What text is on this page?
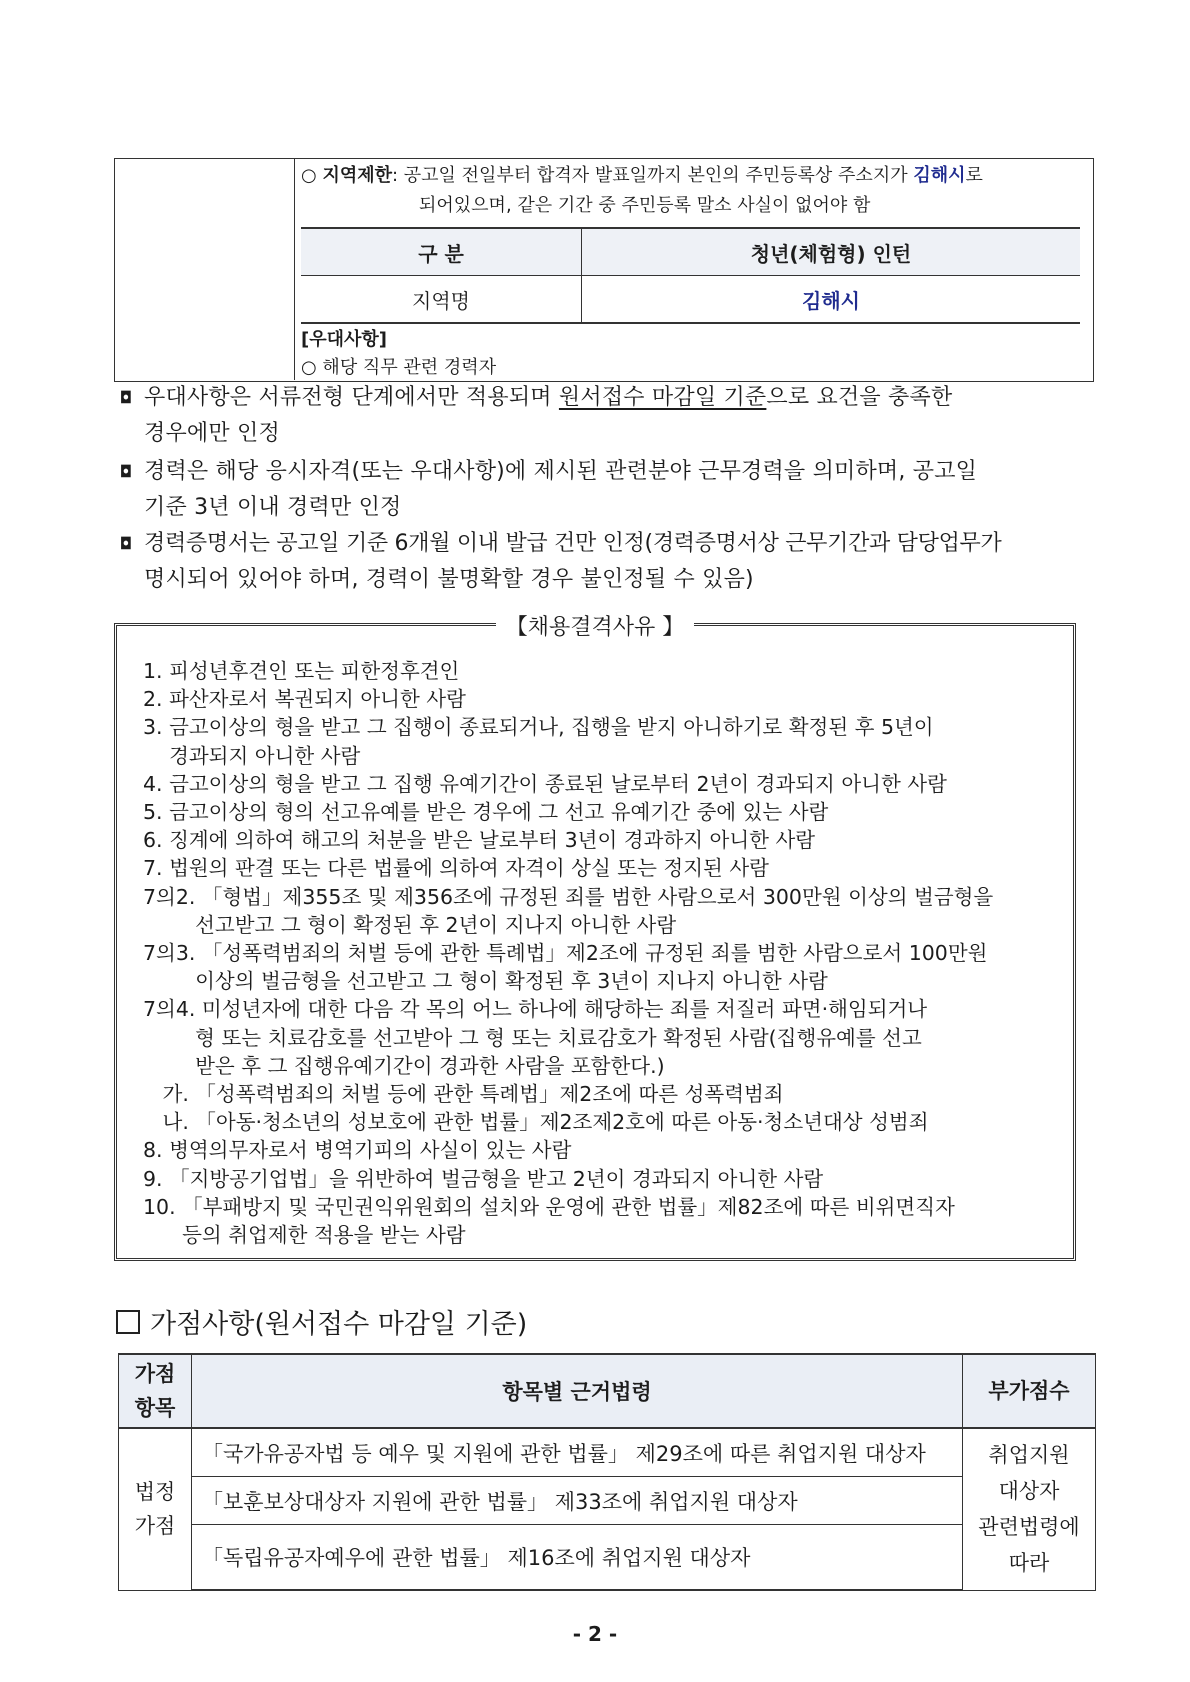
○ 지역제한: 공고일 전일부터 합격자 발표일까지 본인의 주민등록상 주소지가 김해시로
되어있으며, 같은 기간 중 주민등록 말소 사실이 없어야 함
구 분	청년(체험형) 인턴
지역명	김해시
[우대사항]
○ 해당 직무 관련 경력자
◘ 우대사항은 서류전형 단계에서만 적용되며 원서접수 마감일 기준으로 요건을 충족한
경우에만 인정
◘ 경력은 해당 응시자격(또는 우대사항)에 제시된 관련분야 근무경력을 의미하며, 공고일
기준 3년 이내 경력만 인정
◘ 경력증명서는 공고일 기준 6개월 이내 발급 건만 인정(경력증명서상 근무기간과 담당업무가
명시되어 있어야 하며, 경력이 불명확할 경우 불인정될 수 있음)
【채용결격사유 】
1. 피성년후견인 또는 피한정후견인
2. 파산자로서 복권되지 아니한 사람
3. 금고이상의 형을 받고 그 집행이 종료되거나, 집행을 받지 아니하기로 확정된 후 5년이
경과되지 아니한 사람
4. 금고이상의 형을 받고 그 집행 유예기간이 종료된 날로부터 2년이 경과되지 아니한 사람
5. 금고이상의 형의 선고유예를 받은 경우에 그 선고 유예기간 중에 있는 사람
6. 징계에 의하여 해고의 처분을 받은 날로부터 3년이 경과하지 아니한 사람
7. 법원의 판결 또는 다른 법률에 의하여 자격이 상실 또는 정지된 사람
7의2. 「형법」제355조 및 제356조에 규정된 죄를 범한 사람으로서 300만원 이상의 벌금형을
선고받고 그 형이 확정된 후 2년이 지나지 아니한 사람
7의3. 「성폭력범죄의 처벌 등에 관한 특례법」제2조에 규정된 죄를 범한 사람으로서 100만원
이상의 벌금형을 선고받고 그 형이 확정된 후 3년이 지나지 아니한 사람
7의4. 미성년자에 대한 다음 각 목의 어느 하나에 해당하는 죄를 저질러 파면·해임되거나
형 또는 치료감호를 선고받아 그 형 또는 치료감호가 확정된 사람(집행유예를 선고
받은 후 그 집행유예기간이 경과한 사람을 포함한다.)
가. 「성폭력범죄의 처벌 등에 관한 특례법」제2조에 따른 성폭력범죄
나. 「아동·청소년의 성보호에 관한 법률」제2조제2호에 따른 아동·청소년대상 성범죄
8. 병역의무자로서 병역기피의 사실이 있는 사람
9. 「지방공기업법」을 위반하여 벌금형을 받고 2년이 경과되지 아니한 사람
10. 「부패방지 및 국민권익위원회의 설치와 운영에 관한 법률」제82조에 따른 비위면직자
등의 취업제한 적용을 받는 사람
가점사항(원서접수 마감일 기준)
가점
항목	항목별 근거법령	부가점수
법정
가점	「국가유공자법 등 예우 및 지원에 관한 법률」 제29조에 따른 취업지원 대상자	취업지원
대상자
관련법령에
따라
	「보훈보상대상자 지원에 관한 법률」 제33조에 취업지원 대상자	
	「독립유공자예우에 관한 법률」 제16조에 취업지원 대상자	
- 2 -
